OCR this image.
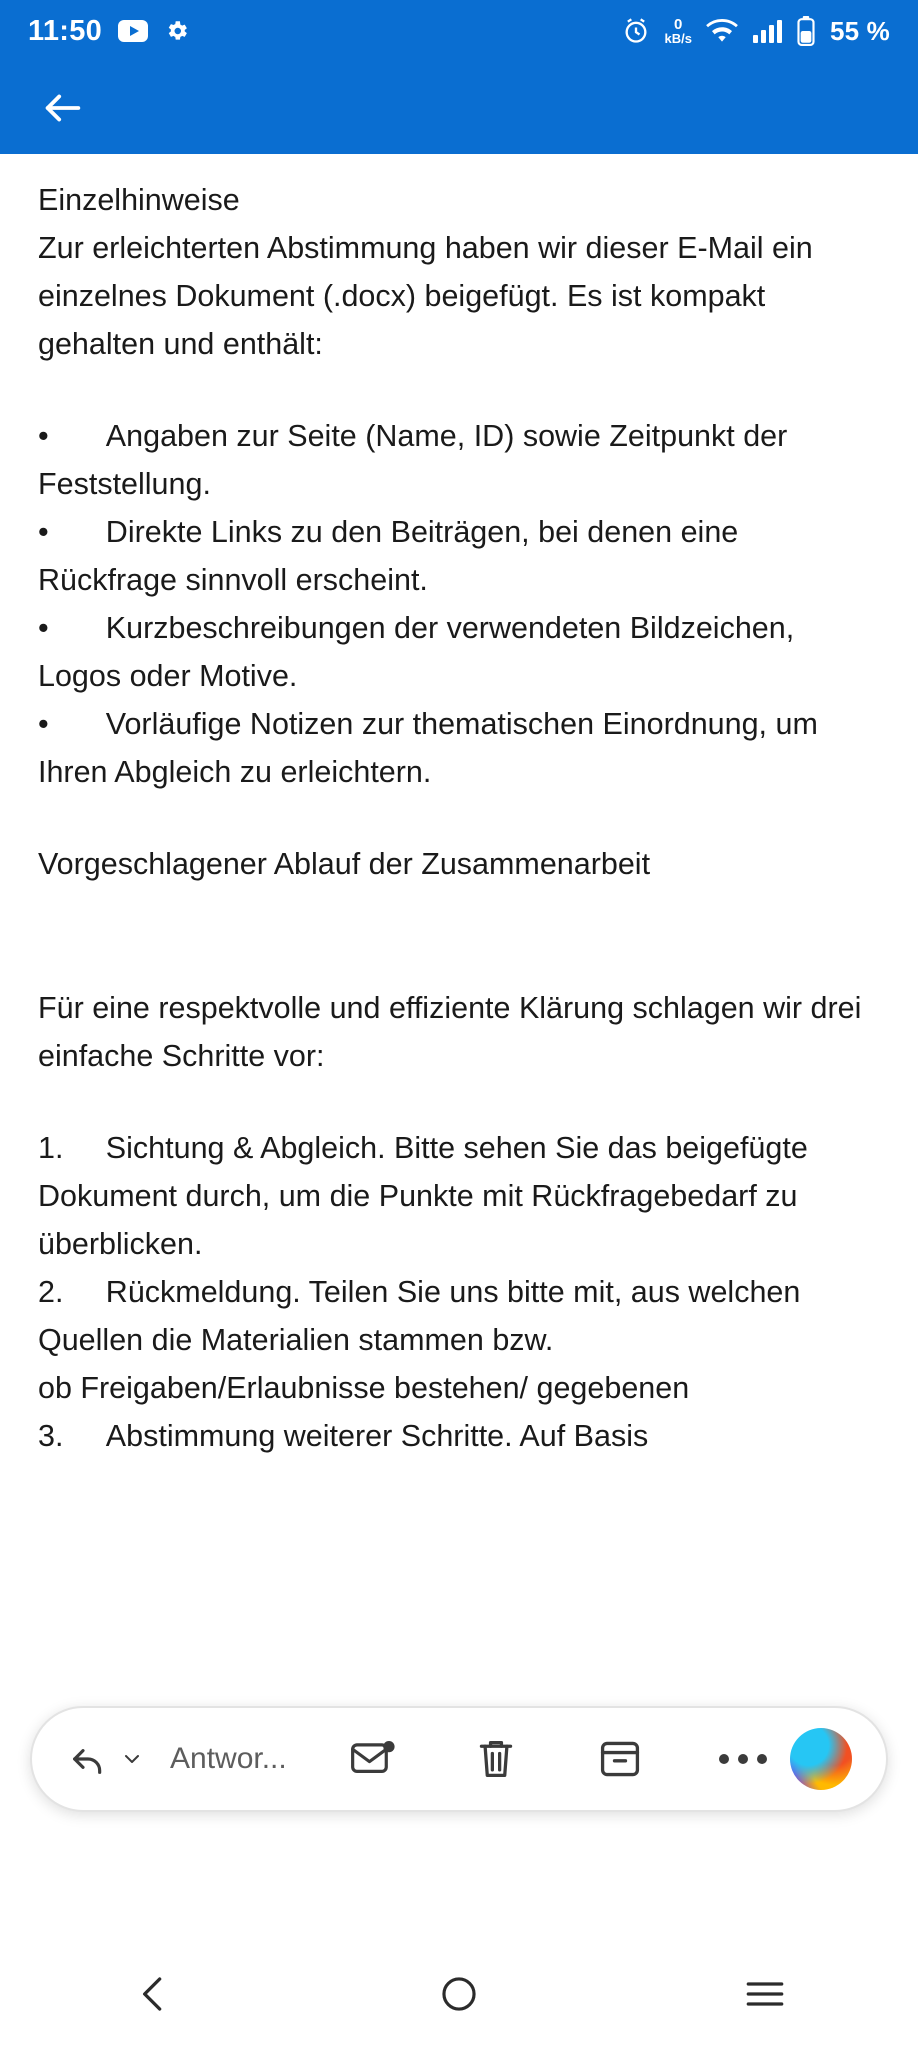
11:50	0
kB/s	55 %

Einzelhinweise

Zur erleichterten Abstimmung haben wir dieser E-Mail ein einzelnes Dokument (.docx) beigefügt. Es ist kompakt gehalten und enthält:

•	Angaben zur Seite (Name, ID) sowie Zeitpunkt der Feststellung.

•	Direkte Links zu den Beiträgen, bei denen eine Rückfrage sinnvoll erscheint.

•	Kurzbeschreibungen der verwendeten Bildzeichen, Logos oder Motive.

•	Vorläufige Notizen zur thematischen Einordnung, um Ihren Abgleich zu erleichtern.

Vorgeschlagener Ablauf der Zusammenarbeit

Für eine respektvolle und effiziente Klärung schlagen wir drei einfache Schritte vor:

1.	Sichtung & Abgleich. Bitte sehen Sie das beigefügte Dokument durch, um die Punkte mit Rückfragebedarf zu überblicken.

2.	Rückmeldung. Teilen Sie uns bitte mit, aus welchen Quellen die Materialien stammen bzw.

ob Freigaben/Erlaubnisse bestehen/ gegebenen

3.	Abstimmung weiterer Schritte. Auf Basis

Antwor...
